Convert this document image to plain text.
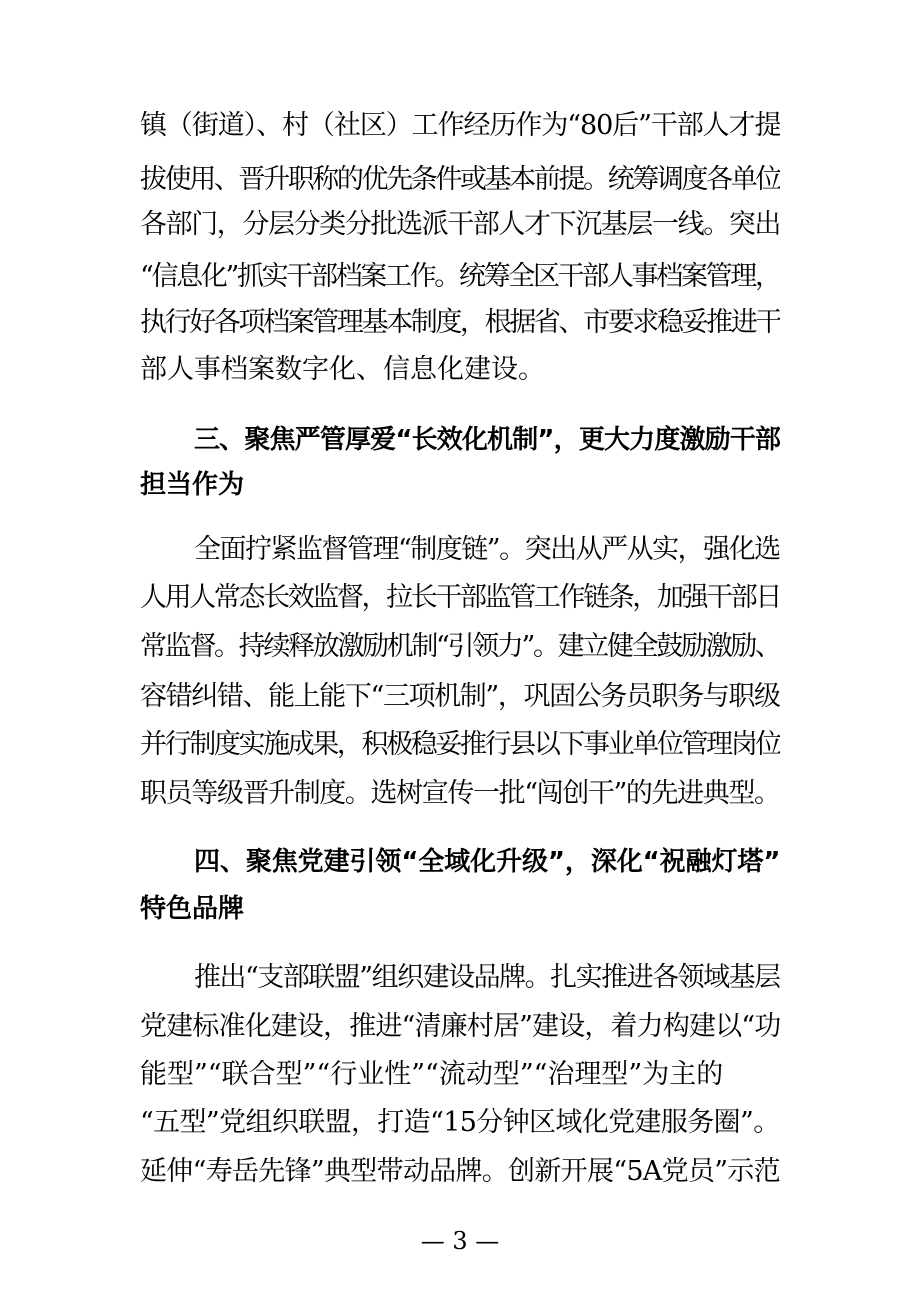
镇（街道）、村（社区）工作经历作为“80后”干部人才提
拔使用、晋升职称的优先条件或基本前提。统筹调度各单位
各部门，分层分类分批选派干部人才下沉基层一线。突出
“信息化”抓实干部档案工作。统筹全区干部人事档案管理，
执行好各项档案管理基本制度，根据省、市要求稳妥推进干
部人事档案数字化、信息化建设。
三、聚焦严管厚爱“长效化机制”，更大力度激励干部
担当作为
全面拧紧监督管理“制度链”。突出从严从实，强化选
人用人常态长效监督，拉长干部监管工作链条，加强干部日
常监督。持续释放激励机制“引领力”。建立健全鼓励激励、
容错纠错、能上能下“三项机制”，巩固公务员职务与职级
并行制度实施成果，积极稳妥推行县以下事业单位管理岗位
职员等级晋升制度。选树宣传一批“闯创干”的先进典型。
四、聚焦党建引领“全域化升级”，深化“祝融灯塔”
特色品牌
推出“支部联盟”组织建设品牌。扎实推进各领域基层
党建标准化建设，推进“清廉村居”建设，着力构建以“功
能型”“联合型”“行业性”“流动型”“治理型”为主的
“五型”党组织联盟，打造“15分钟区域化党建服务圈”。
延伸“寿岳先锋”典型带动品牌。创新开展“5A党员”示范
— 3 —
